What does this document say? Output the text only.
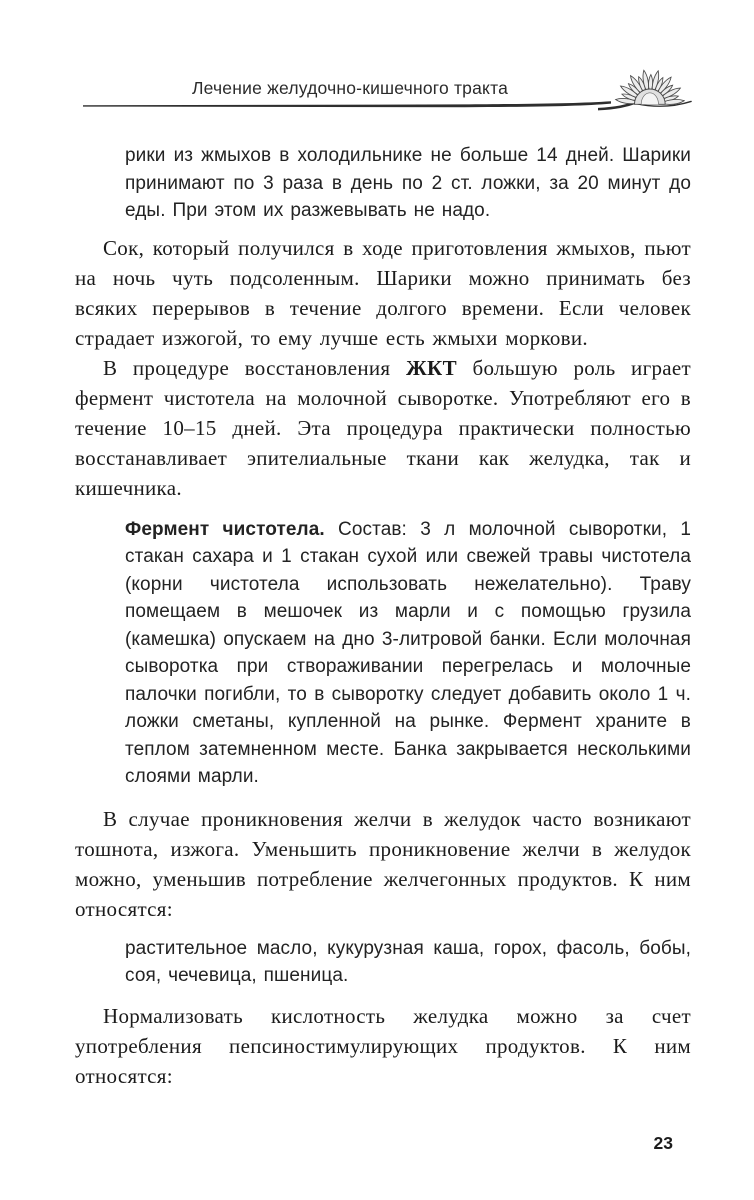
Лечение желудочно-кишечного тракта

рики из жмыхов в холодильнике не больше 14 дней. Шарики принимают по 3 раза в день по 2 ст. ложки, за 20 минут до еды. При этом их разжевывать не надо.

Сок, который получился в ходе приготовления жмыхов, пьют на ночь чуть подсоленным. Шарики можно принимать без всяких перерывов в течение долгого времени. Если человек страдает изжогой, то ему лучше есть жмыхи моркови.

В процедуре восстановления ЖКТ большую роль играет фермент чистотела на молочной сыворотке. Употребляют его в течение 10–15 дней. Эта процедура практически полностью восстанавливает эпителиальные ткани как желудка, так и кишечника.

Фермент чистотела. Состав: 3 л молочной сыворотки, 1 стакан сахара и 1 стакан сухой или свежей травы чистотела (корни чистотела использовать нежелательно). Траву помещаем в мешочек из марли и с помощью грузила (камешка) опускаем на дно 3-литровой банки. Если молочная сыворотка при створаживании перегрелась и молочные палочки погибли, то в сыворотку следует добавить около 1 ч. ложки сметаны, купленной на рынке. Фермент храните в теплом затемненном месте. Банка закрывается несколькими слоями марли.

В случае проникновения желчи в желудок часто возникают тошнота, изжога. Уменьшить проникновение желчи в желудок можно, уменьшив потребление желчегонных продуктов. К ним относятся:

растительное масло, кукурузная каша, горох, фасоль, бобы, соя, чечевица, пшеница.

Нормализовать кислотность желудка можно за счет употребления пепсиностимулирующих продуктов. К ним относятся:

23
